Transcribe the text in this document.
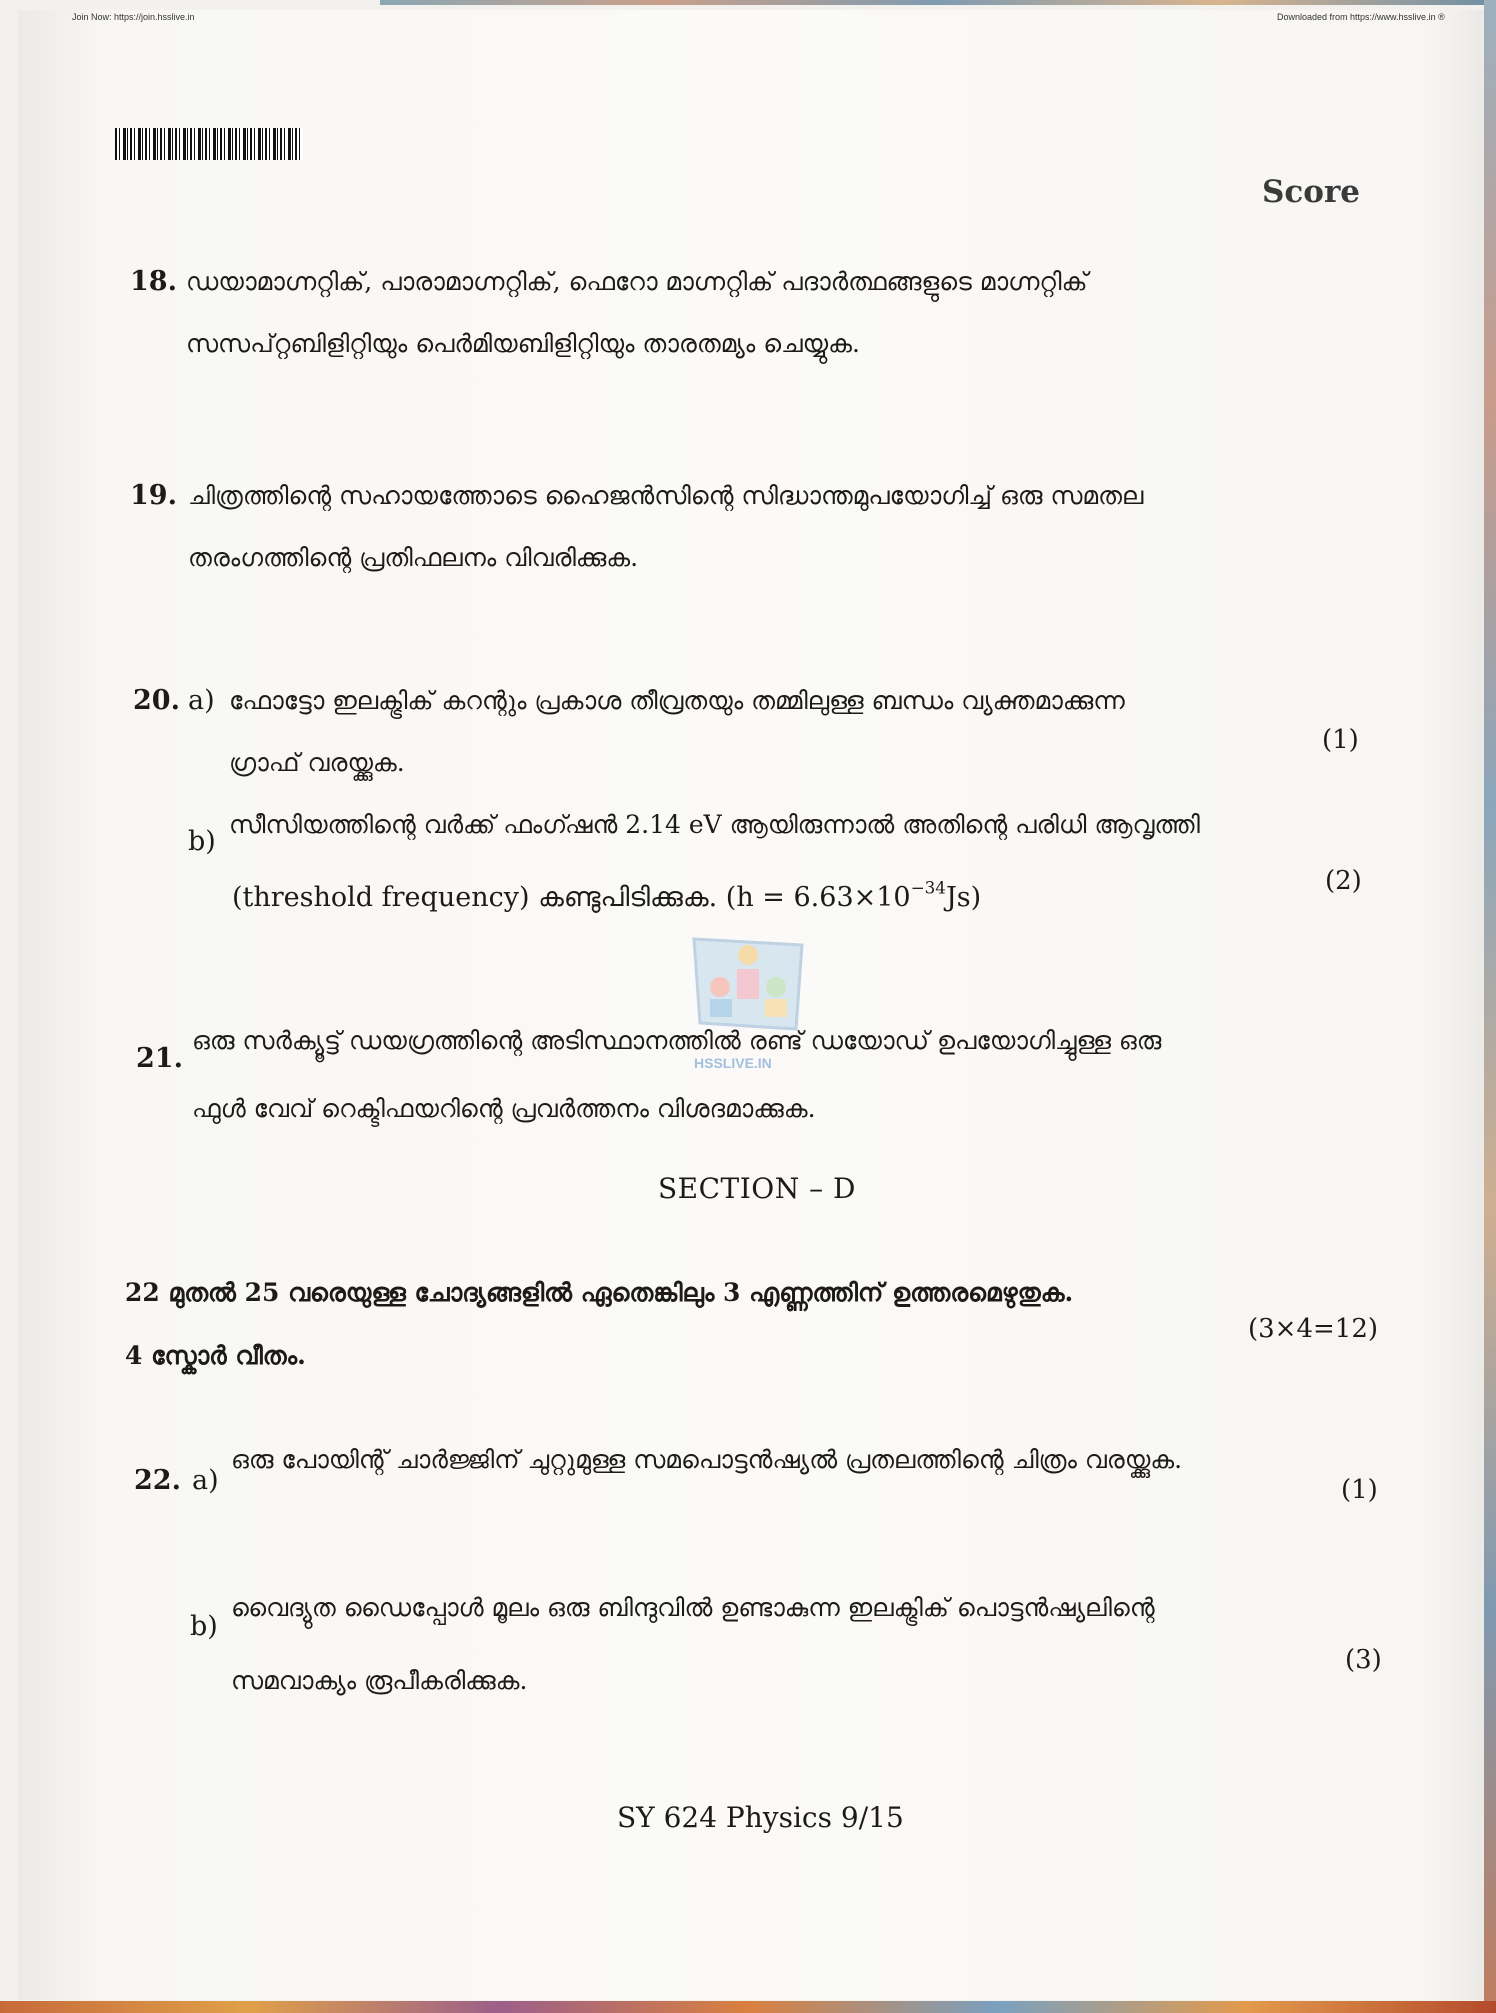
Join Now: https://join.hsslive.in	Downloaded from https://www.hsslive.in ®
Score
18. ഡയാമാഗ്നറ്റിക്, പാരാമാഗ്നറ്റിക്, ഫെറോ മാഗ്നറ്റിക് പദാർത്ഥങ്ങളുടെ മാഗ്നറ്റിക്
സസപ്റ്റബിളിറ്റിയും പെർമിയബിളിറ്റിയും താരതമ്യം ചെയ്യുക.
19. ചിത്രത്തിന്റെ സഹായത്തോടെ ഹൈജൻസിന്റെ സിദ്ധാന്തമുപയോഗിച്ച് ഒരു സമതല
തരംഗത്തിന്റെ പ്രതിഫലനം വിവരിക്കുക.
20. a) ഫോട്ടോ ഇലക്ട്രിക് കറന്റും പ്രകാശ തീവ്രതയും തമ്മിലുള്ള ബന്ധം വ്യക്തമാക്കുന്ന
ഗ്രാഫ് വരയ്ക്കുക.
(1)
b)
സീസിയത്തിന്റെ വർക്ക് ഫംഗ്ഷൻ 2.14 eV ആയിരുന്നാൽ അതിന്റെ പരിധി ആവൃത്തി
(threshold frequency) കണ്ടുപിടിക്കുക. $(h = 6.63\times 10^{-34}Js)$
(2)
HSSLIVE.IN
21.
ഒരു സർക്യൂട്ട് ഡയഗ്രത്തിന്റെ അടിസ്ഥാനത്തിൽ രണ്ട് ഡയോഡ് ഉപയോഗിച്ചുള്ള ഒരു
ഫുൾ വേവ് റെക്ടിഫയറിന്റെ പ്രവർത്തനം വിശദമാക്കുക.
SECTION – D
22 മുതൽ 25 വരെയുള്ള ചോദ്യങ്ങളിൽ ഏതെങ്കിലും 3 എണ്ണത്തിന് ഉത്തരമെഴുതുക.
4 സ്കോർ വീതം.
(3×4=12)
22. a)
ഒരു പോയിന്റ് ചാർജ്ജിന് ചുറ്റുമുള്ള സമപൊട്ടൻഷ്യൽ പ്രതലത്തിന്റെ ചിത്രം വരയ്ക്കുക.
(1)
b)
വൈദ്യുത ഡൈപ്പോൾ മൂലം ഒരു ബിന്ദുവിൽ ഉണ്ടാകുന്ന ഇലക്ട്രിക് പൊട്ടൻഷ്യലിന്റെ
സമവാക്യം രൂപീകരിക്കുക.
(3)
SY 624 Physics 9/15
